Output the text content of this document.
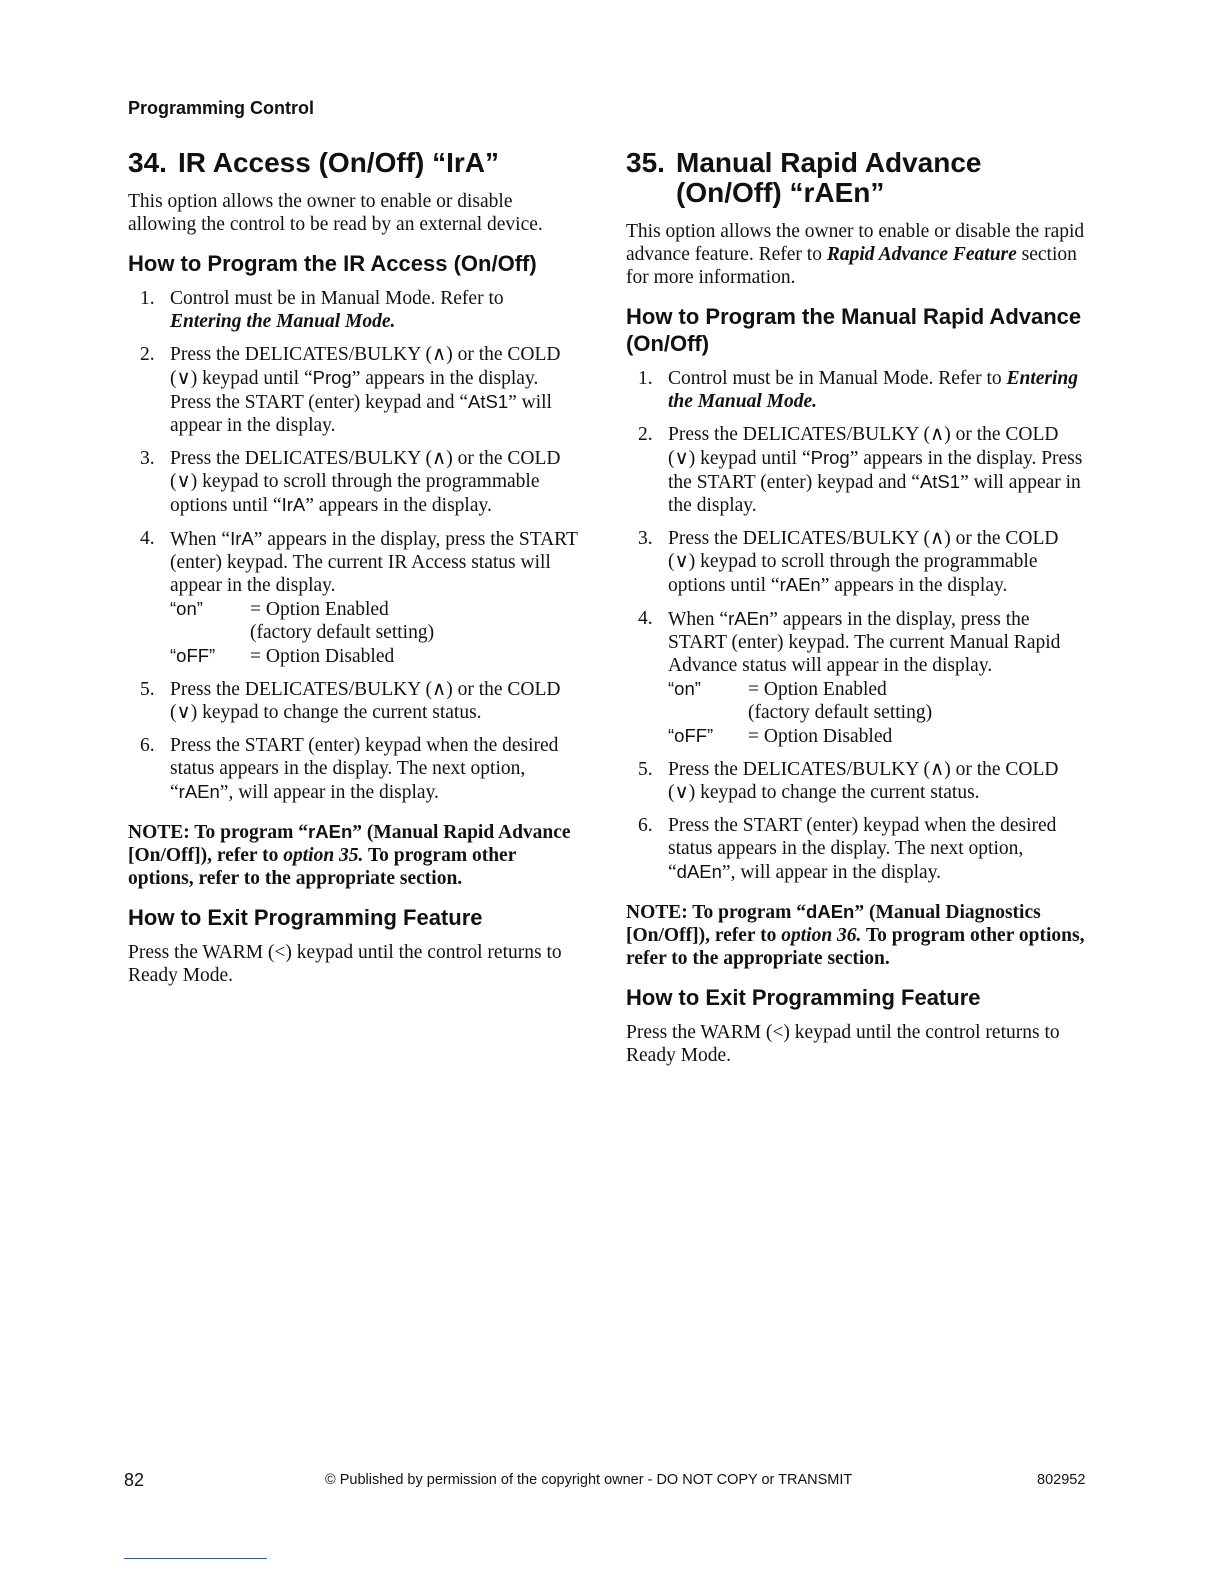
Programming Control
34. IR Access (On/Off) “IrA”

This option allows the owner to enable or disable allowing the control to be read by an external device.

How to Program the IR Access (On/Off)
1. Control must be in Manual Mode. Refer to Entering the Manual Mode.
2. Press the DELICATES/BULKY (∧) or the COLD (∨) keypad until “Prog” appears in the display. Press the START (enter) keypad and “AtS1” will appear in the display.
3. Press the DELICATES/BULKY (∧) or the COLD (∨) keypad to scroll through the programmable options until “IrA” appears in the display.
4. When “IrA” appears in the display, press the START (enter) keypad. The current IR Access status will appear in the display.
“on” = Option Enabled
(factory default setting)
“oFF” = Option Disabled
5. Press the DELICATES/BULKY (∧) or the COLD (∨) keypad to change the current status.
6. Press the START (enter) keypad when the desired status appears in the display. The next option, “rAEn”, will appear in the display.
NOTE: To program “rAEn” (Manual Rapid Advance [On/Off]), refer to option 35. To program other options, refer to the appropriate section.
How to Exit Programming Feature

Press the WARM (<) keypad until the control returns to Ready Mode.

35. Manual Rapid Advance (On/Off) “rAEn”

This option allows the owner to enable or disable the rapid advance feature. Refer to Rapid Advance Feature section for more information.

How to Program the Manual Rapid Advance (On/Off)
1. Control must be in Manual Mode. Refer to Entering the Manual Mode.
2. Press the DELICATES/BULKY (∧) or the COLD (∨) keypad until “Prog” appears in the display. Press the START (enter) keypad and “AtS1” will appear in the display.
3. Press the DELICATES/BULKY (∧) or the COLD (∨) keypad to scroll through the programmable options until “rAEn” appears in the display.
4. When “rAEn” appears in the display, press the START (enter) keypad. The current Manual Rapid Advance status will appear in the display.
“on” = Option Enabled
(factory default setting)
“oFF” = Option Disabled
5. Press the DELICATES/BULKY (∧) or the COLD (∨) keypad to change the current status.
6. Press the START (enter) keypad when the desired status appears in the display. The next option, “dAEn”, will appear in the display.
NOTE: To program “dAEn” (Manual Diagnostics [On/Off]), refer to option 36. To program other options, refer to the appropriate section.
How to Exit Programming Feature

Press the WARM (<) keypad until the control returns to Ready Mode.

82	© Published by permission of the copyright owner - DO NOT COPY or TRANSMIT	802952
